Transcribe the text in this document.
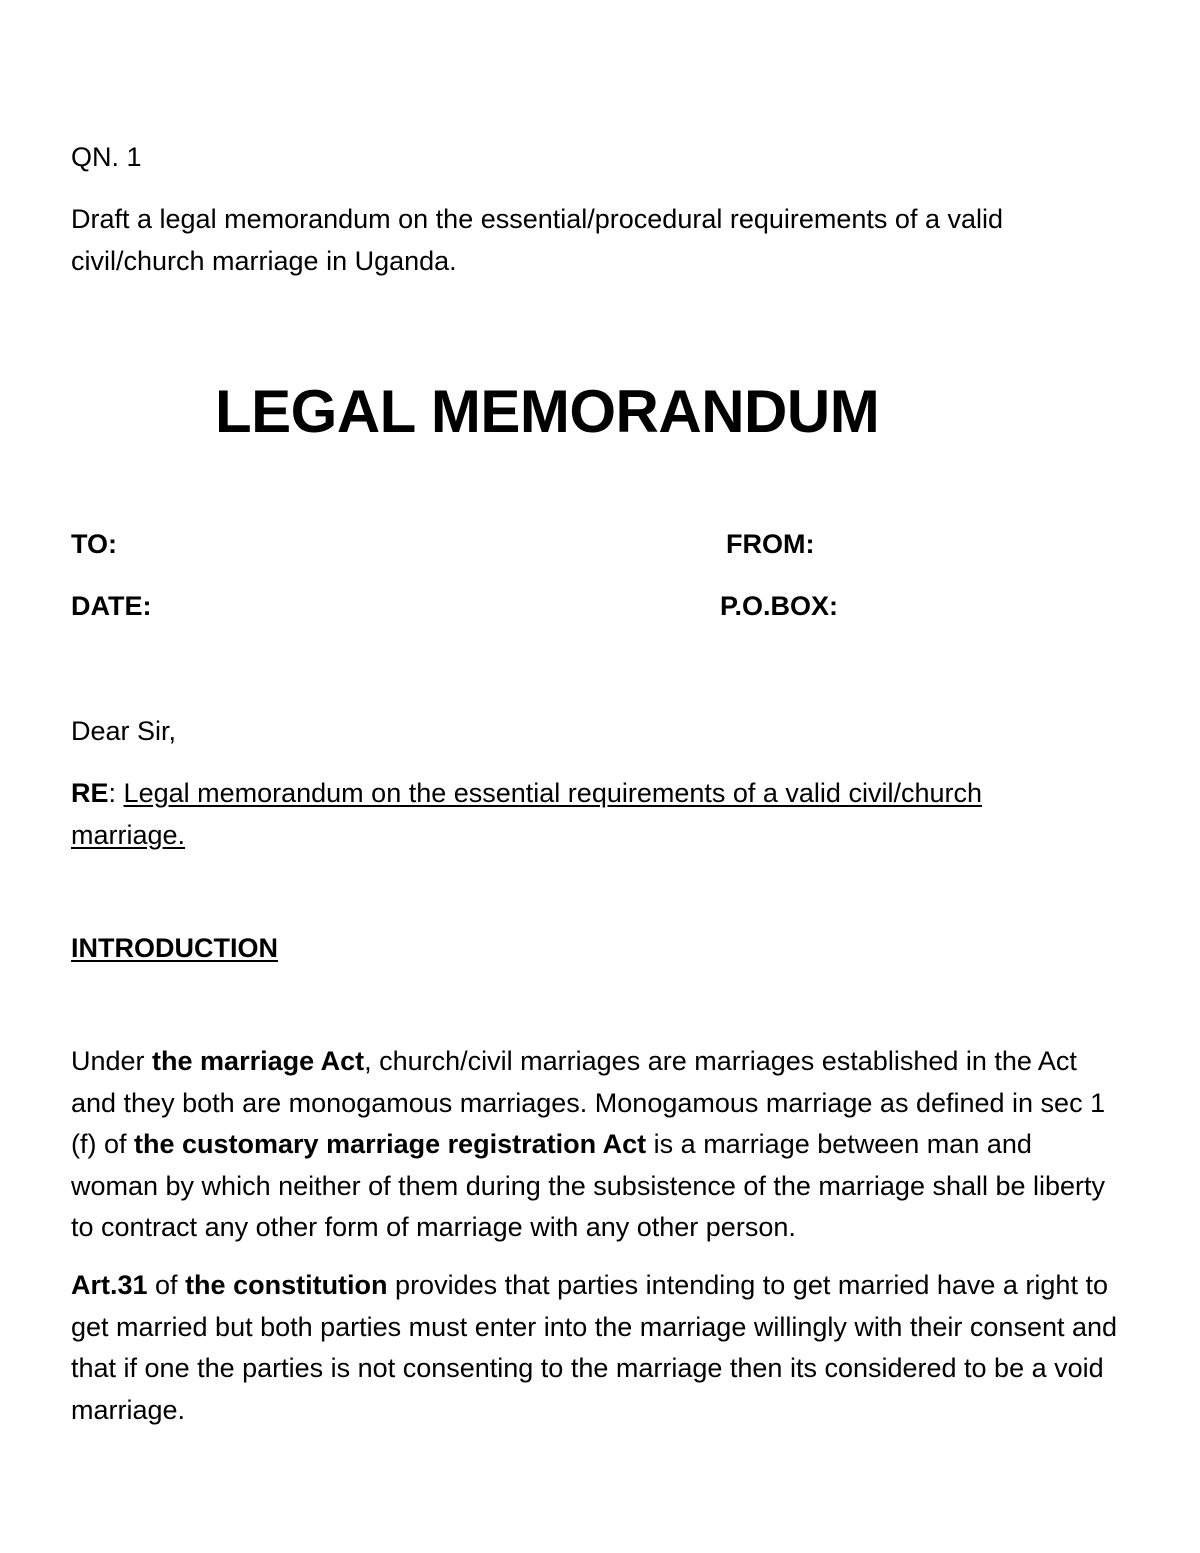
QN. 1

Draft a legal memorandum on the essential/procedural requirements of a valid civil/church marriage in Uganda.

LEGAL MEMORANDUM

TO:	FROM:

DATE:	P.O.BOX:

Dear Sir,

RE: Legal memorandum on the essential requirements of a valid civil/church marriage.

INTRODUCTION

Under the marriage Act, church/civil marriages are marriages established in the Act and they both are monogamous marriages. Monogamous marriage as defined in sec 1 (f) of the customary marriage registration Act is a marriage between man and woman by which neither of them during the subsistence of the marriage shall be liberty to contract any other form of marriage with any other person.

Art.31 of the constitution provides that parties intending to get married have a right to get married but both parties must enter into the marriage willingly with their consent and that if one the parties is not consenting to the marriage then its considered to be a void marriage.
